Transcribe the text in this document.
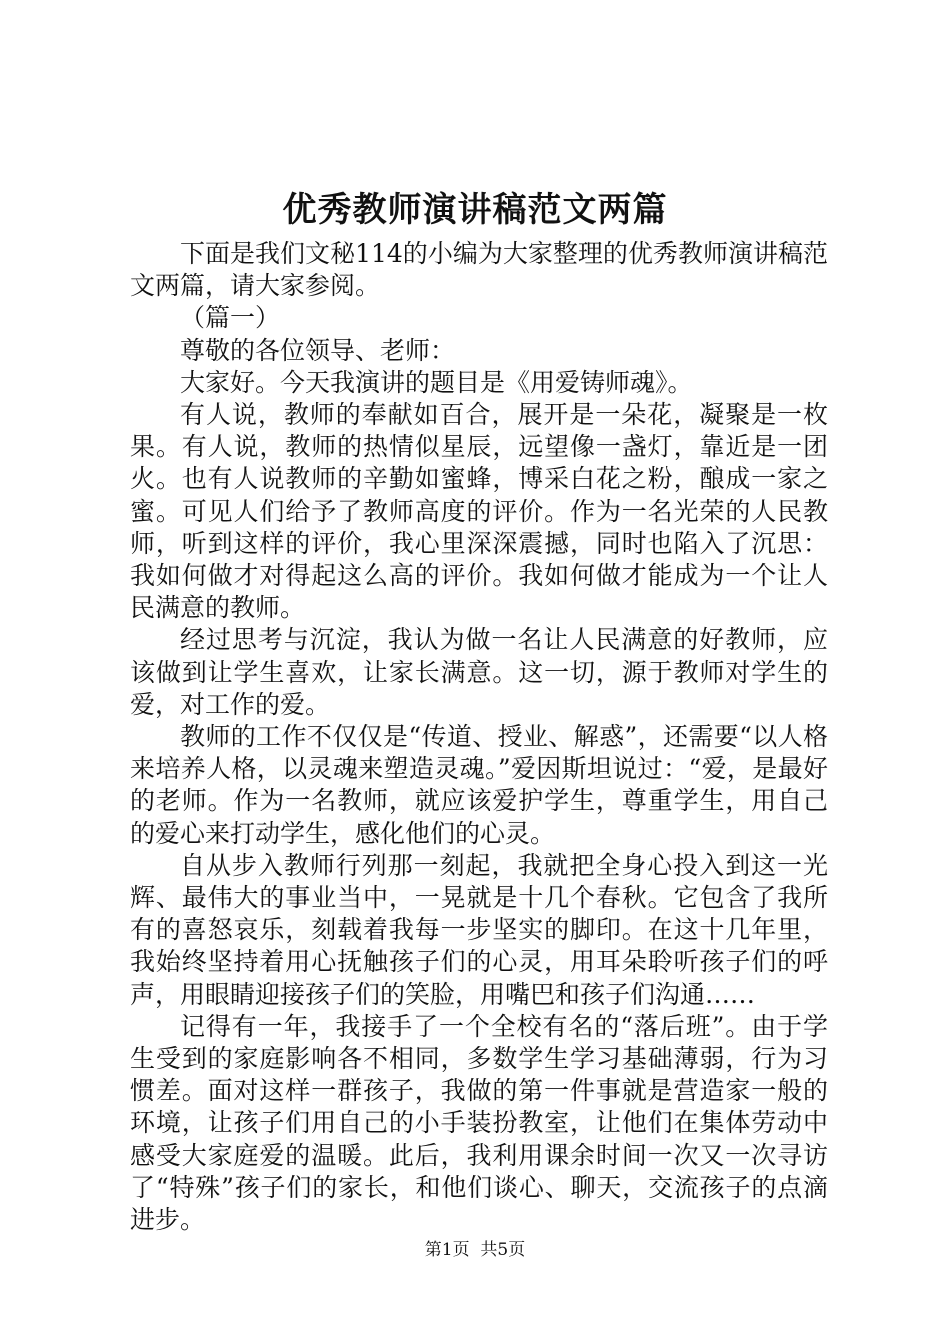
优秀教师演讲稿范文两篇

下面是我们文秘114的小编为大家整理的优秀教师演讲稿范文两篇，请大家参阅。

（篇一）

尊敬的各位领导、老师：

大家好。今天我演讲的题目是《用爱铸师魂》。

有人说，教师的奉献如百合，展开是一朵花，凝聚是一枚果。有人说，教师的热情似星辰，远望像一盏灯，靠近是一团火。也有人说教师的辛勤如蜜蜂，博采白花之粉，酿成一家之蜜。可见人们给予了教师高度的评价。作为一名光荣的人民教师，听到这样的评价，我心里深深震撼，同时也陷入了沉思：我如何做才对得起这么高的评价。我如何做才能成为一个让人民满意的教师。

经过思考与沉淀，我认为做一名让人民满意的好教师，应该做到让学生喜欢，让家长满意。这一切，源于教师对学生的爱，对工作的爱。

教师的工作不仅仅是“传道、授业、解惑”，还需要“以人格来培养人格，以灵魂来塑造灵魂。”爱因斯坦说过：“爱，是最好的老师。作为一名教师，就应该爱护学生，尊重学生，用自己的爱心来打动学生，感化他们的心灵。

自从步入教师行列那一刻起，我就把全身心投入到这一光辉、最伟大的事业当中，一晃就是十几个春秋。它包含了我所有的喜怒哀乐，刻载着我每一步坚实的脚印。在这十几年里，我始终坚持着用心抚触孩子们的心灵，用耳朵聆听孩子们的呼声，用眼睛迎接孩子们的笑脸，用嘴巴和孩子们沟通……

记得有一年，我接手了一个全校有名的“落后班”。由于学生受到的家庭影响各不相同，多数学生学习基础薄弱，行为习惯差。面对这样一群孩子，我做的第一件事就是营造家一般的环境，让孩子们用自己的小手装扮教室，让他们在集体劳动中感受大家庭爱的温暖。此后，我利用课余时间一次又一次寻访了“特殊”孩子们的家长，和他们谈心、聊天，交流孩子的点滴进步。

第1页  共5页
